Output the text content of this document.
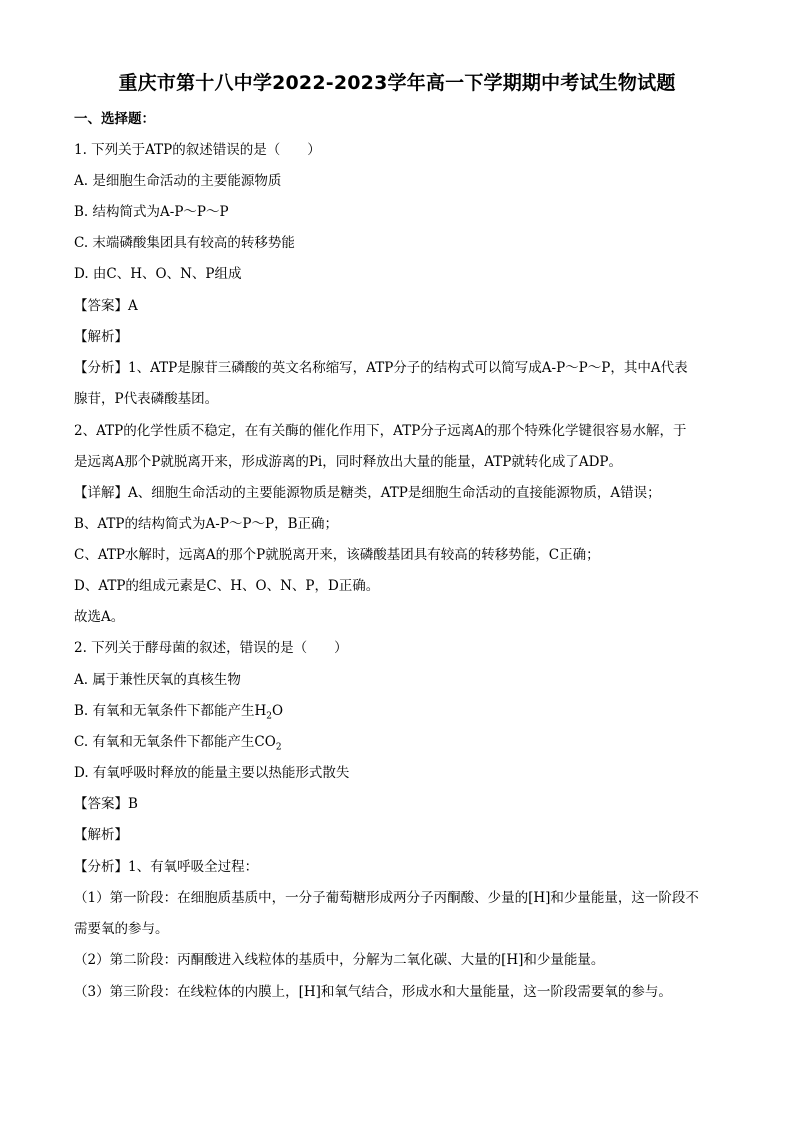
重庆市第十八中学2022-2023学年高一下学期期中考试生物试题
一、选择题：
1. 下列关于ATP的叙述错误的是（　　）
A. 是细胞生命活动的主要能源物质
B. 结构简式为A-P～P～P
C. 末端磷酸集团具有较高的转移势能
D. 由C、H、O、N、P组成
【答案】A
【解析】
【分析】1、ATP是腺苷三磷酸的英文名称缩写，ATP分子的结构式可以简写成A-P～P～P，其中A代表
腺苷，P代表磷酸基团。
2、ATP的化学性质不稳定，在有关酶的催化作用下，ATP分子远离A的那个特殊化学键很容易水解，于
是远离A那个P就脱离开来，形成游离的Pi，同时释放出大量的能量，ATP就转化成了ADP。
【详解】A、细胞生命活动的主要能源物质是糖类，ATP是细胞生命活动的直接能源物质，A错误；
B、ATP的结构简式为A-P～P～P，B正确；
C、ATP水解时，远离A的那个P就脱离开来，该磷酸基团具有较高的转移势能，C正确；
D、ATP的组成元素是C、H、O、N、P，D正确。
故选A。
2. 下列关于酵母菌的叙述，错误的是（　　）
A. 属于兼性厌氧的真核生物
B. 有氧和无氧条件下都能产生$H_2O$
C. 有氧和无氧条件下都能产生$CO_2$
D. 有氧呼吸时释放的能量主要以热能形式散失
【答案】B
【解析】
【分析】1、有氧呼吸全过程：
（1）第一阶段：在细胞质基质中，一分子葡萄糖形成两分子丙酮酸、少量的[H]和少量能量，这一阶段不
需要氧的参与。
（2）第二阶段：丙酮酸进入线粒体的基质中，分解为二氧化碳、大量的[H]和少量能量。
（3）第三阶段：在线粒体的内膜上，[H]和氧气结合，形成水和大量能量，这一阶段需要氧的参与。
